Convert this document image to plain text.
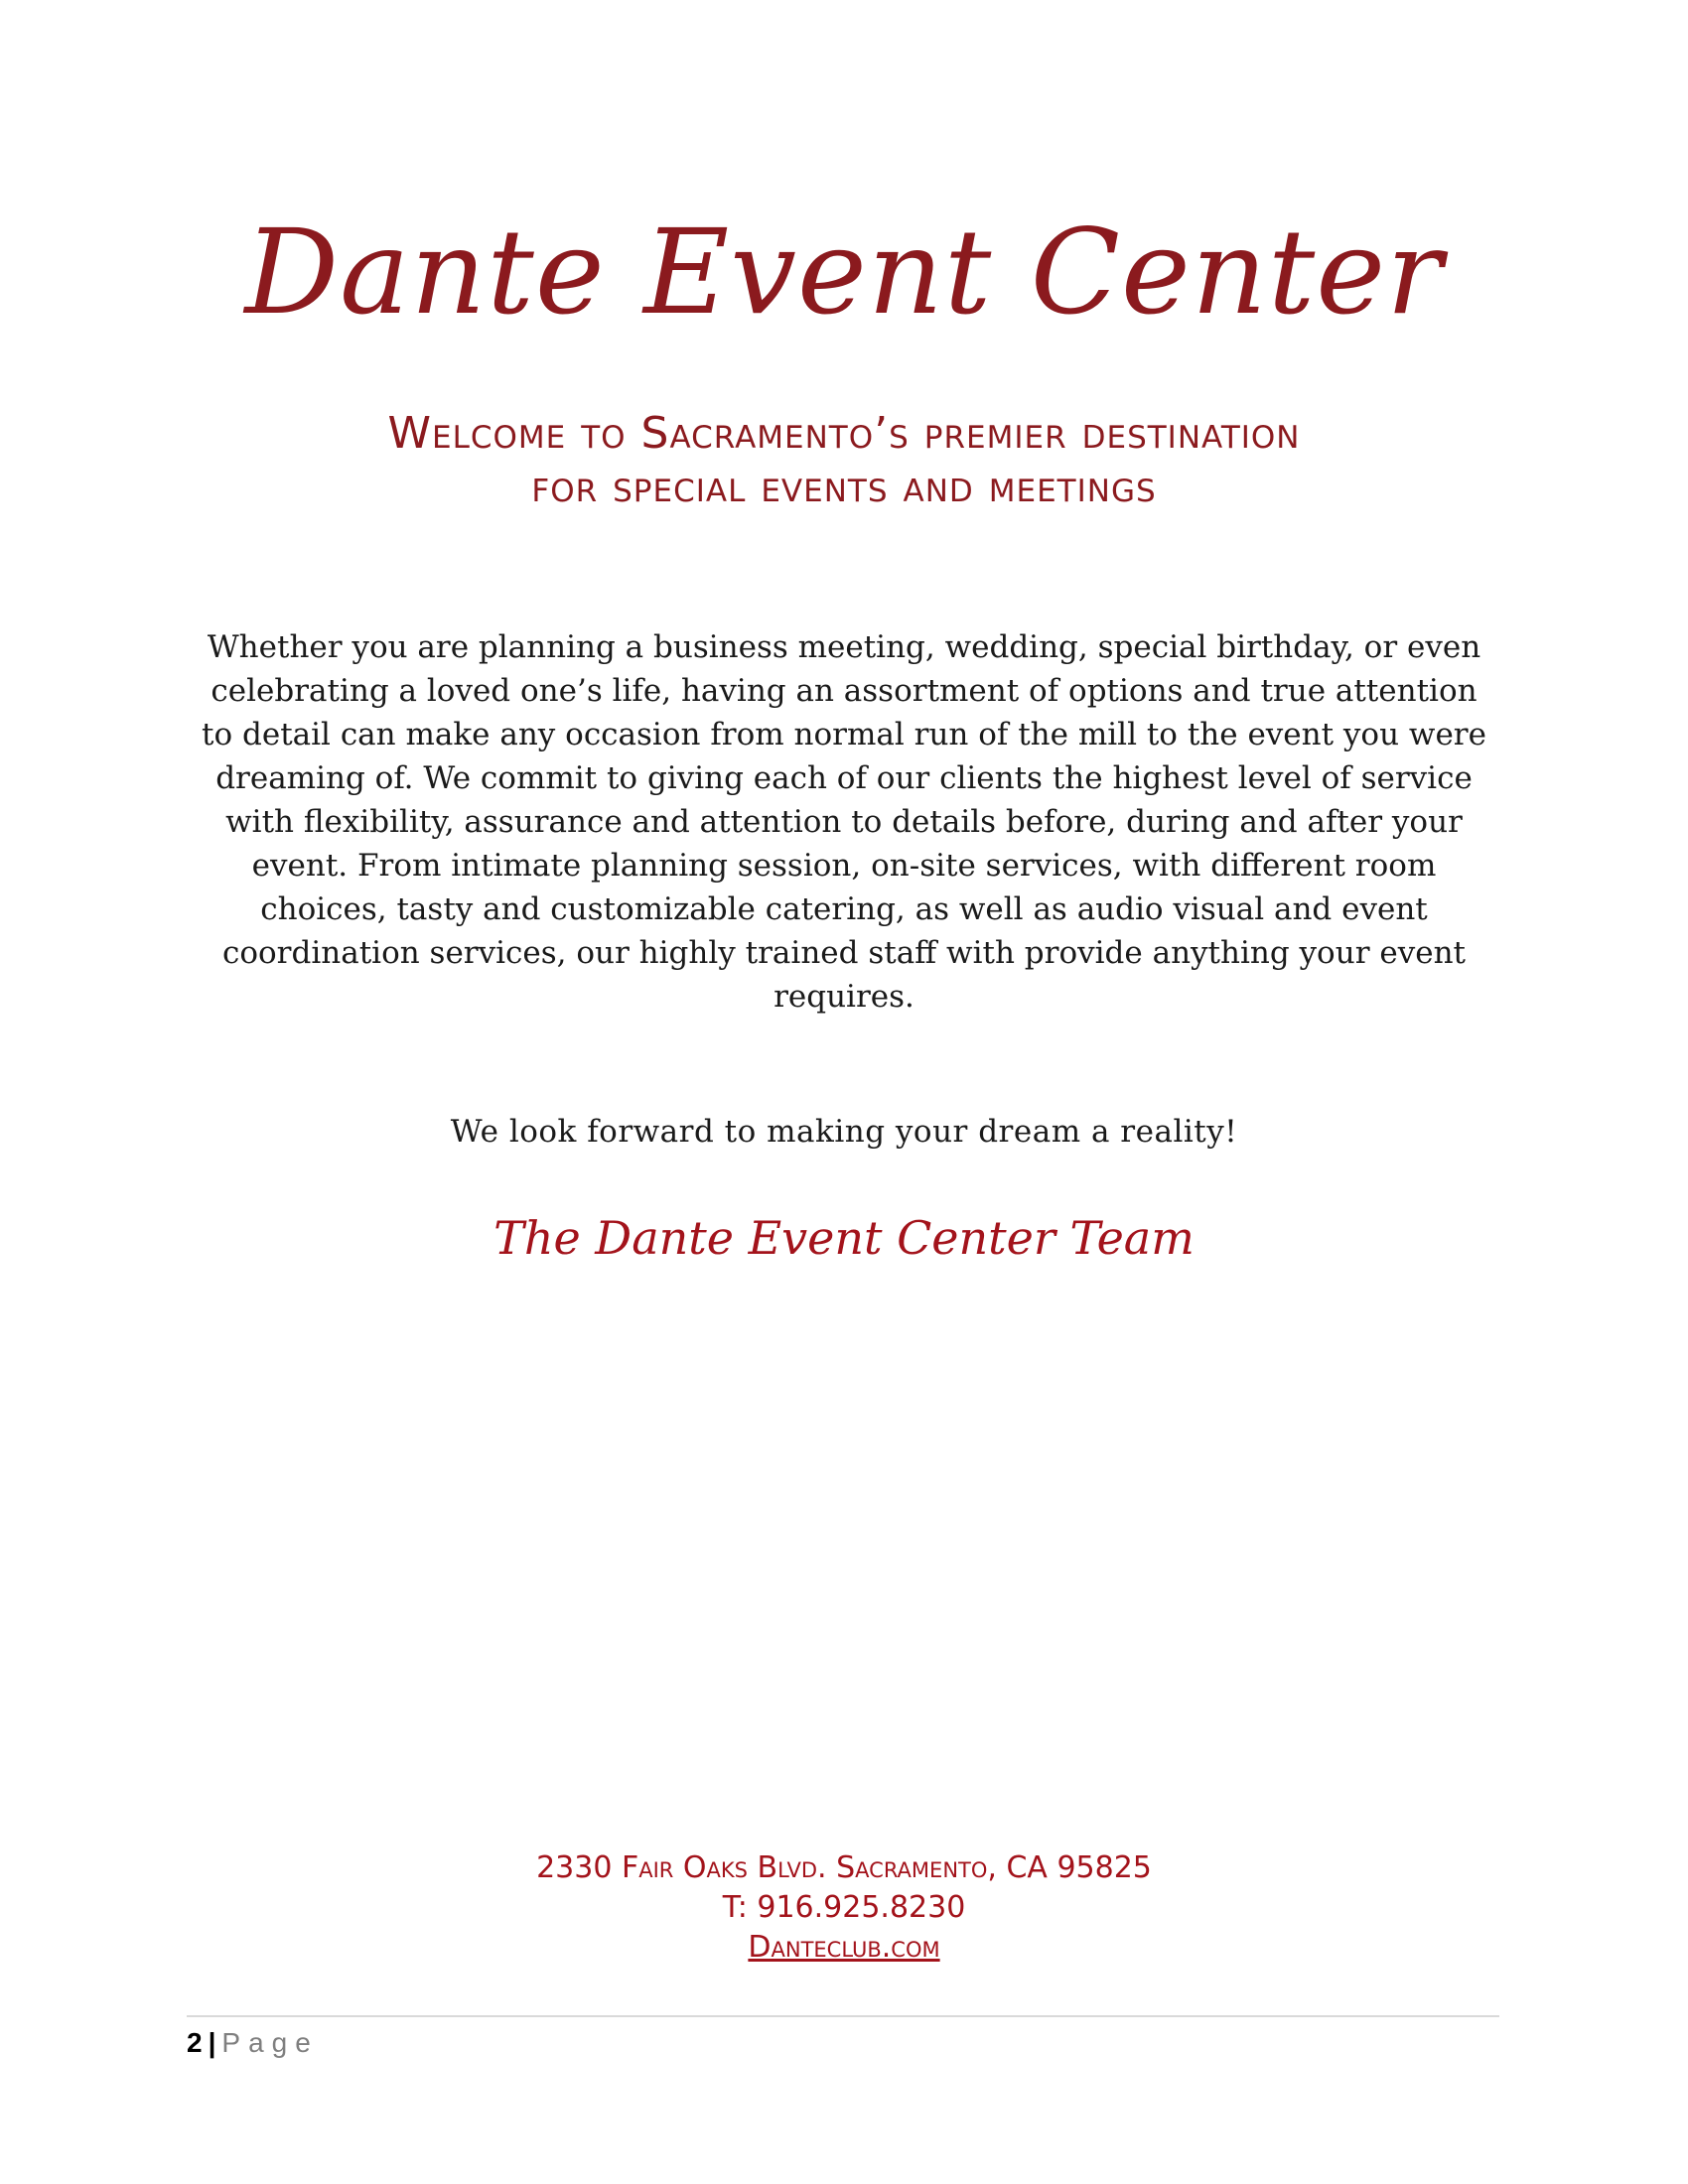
Dante Event Center
Welcome to Sacramento’s premier destination
for special events and meetings
Whether you are planning a business meeting, wedding, special birthday, or even celebrating a loved one’s life, having an assortment of options and true attention to detail can make any occasion from normal run of the mill to the event you were dreaming of. We commit to giving each of our clients the highest level of service with flexibility, assurance and attention to details before, during and after your event. From intimate planning session, on-site services, with different room choices, tasty and customizable catering, as well as audio visual and event coordination services, our highly trained staff with provide anything your event requires.
We look forward to making your dream a reality!
The Dante Event Center Team
2330 Fair Oaks Blvd. Sacramento, CA 95825
T: 916.925.8230
Danteclub.com
2 | Page
